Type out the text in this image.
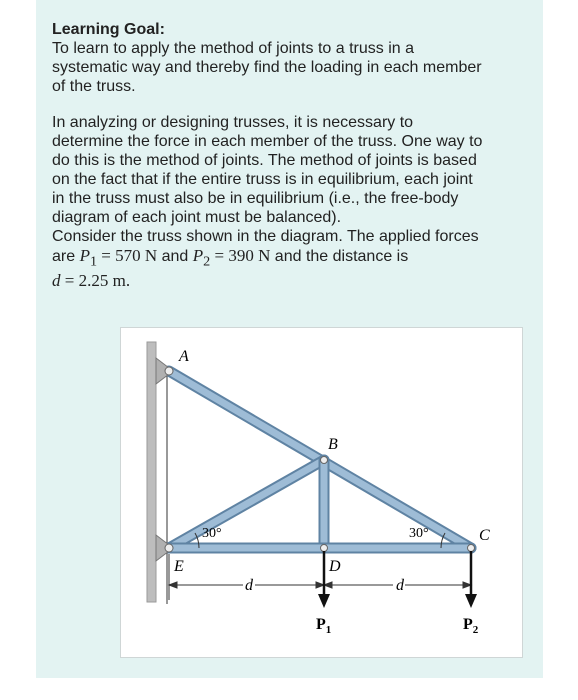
Learning Goal:

To learn to apply the method of joints to a truss in a

systematic way and thereby find the loading in each member

of the truss.

In analyzing or designing trusses, it is necessary to

determine the force in each member of the truss. One way to

do this is the method of joints. The method of joints is based

on the fact that if the entire truss is in equilibrium, each joint

in the truss must also be in equilibrium (i.e., the free-body

diagram of each joint must be balanced).

Consider the truss shown in the diagram. The applied forces

are $P_1 = 570$ N and $P_2 = 390$ N and the distance is

d = 2.25 m.

A
B
C
D
E
30°	30°
d	d
$P_1$	$P_2$
